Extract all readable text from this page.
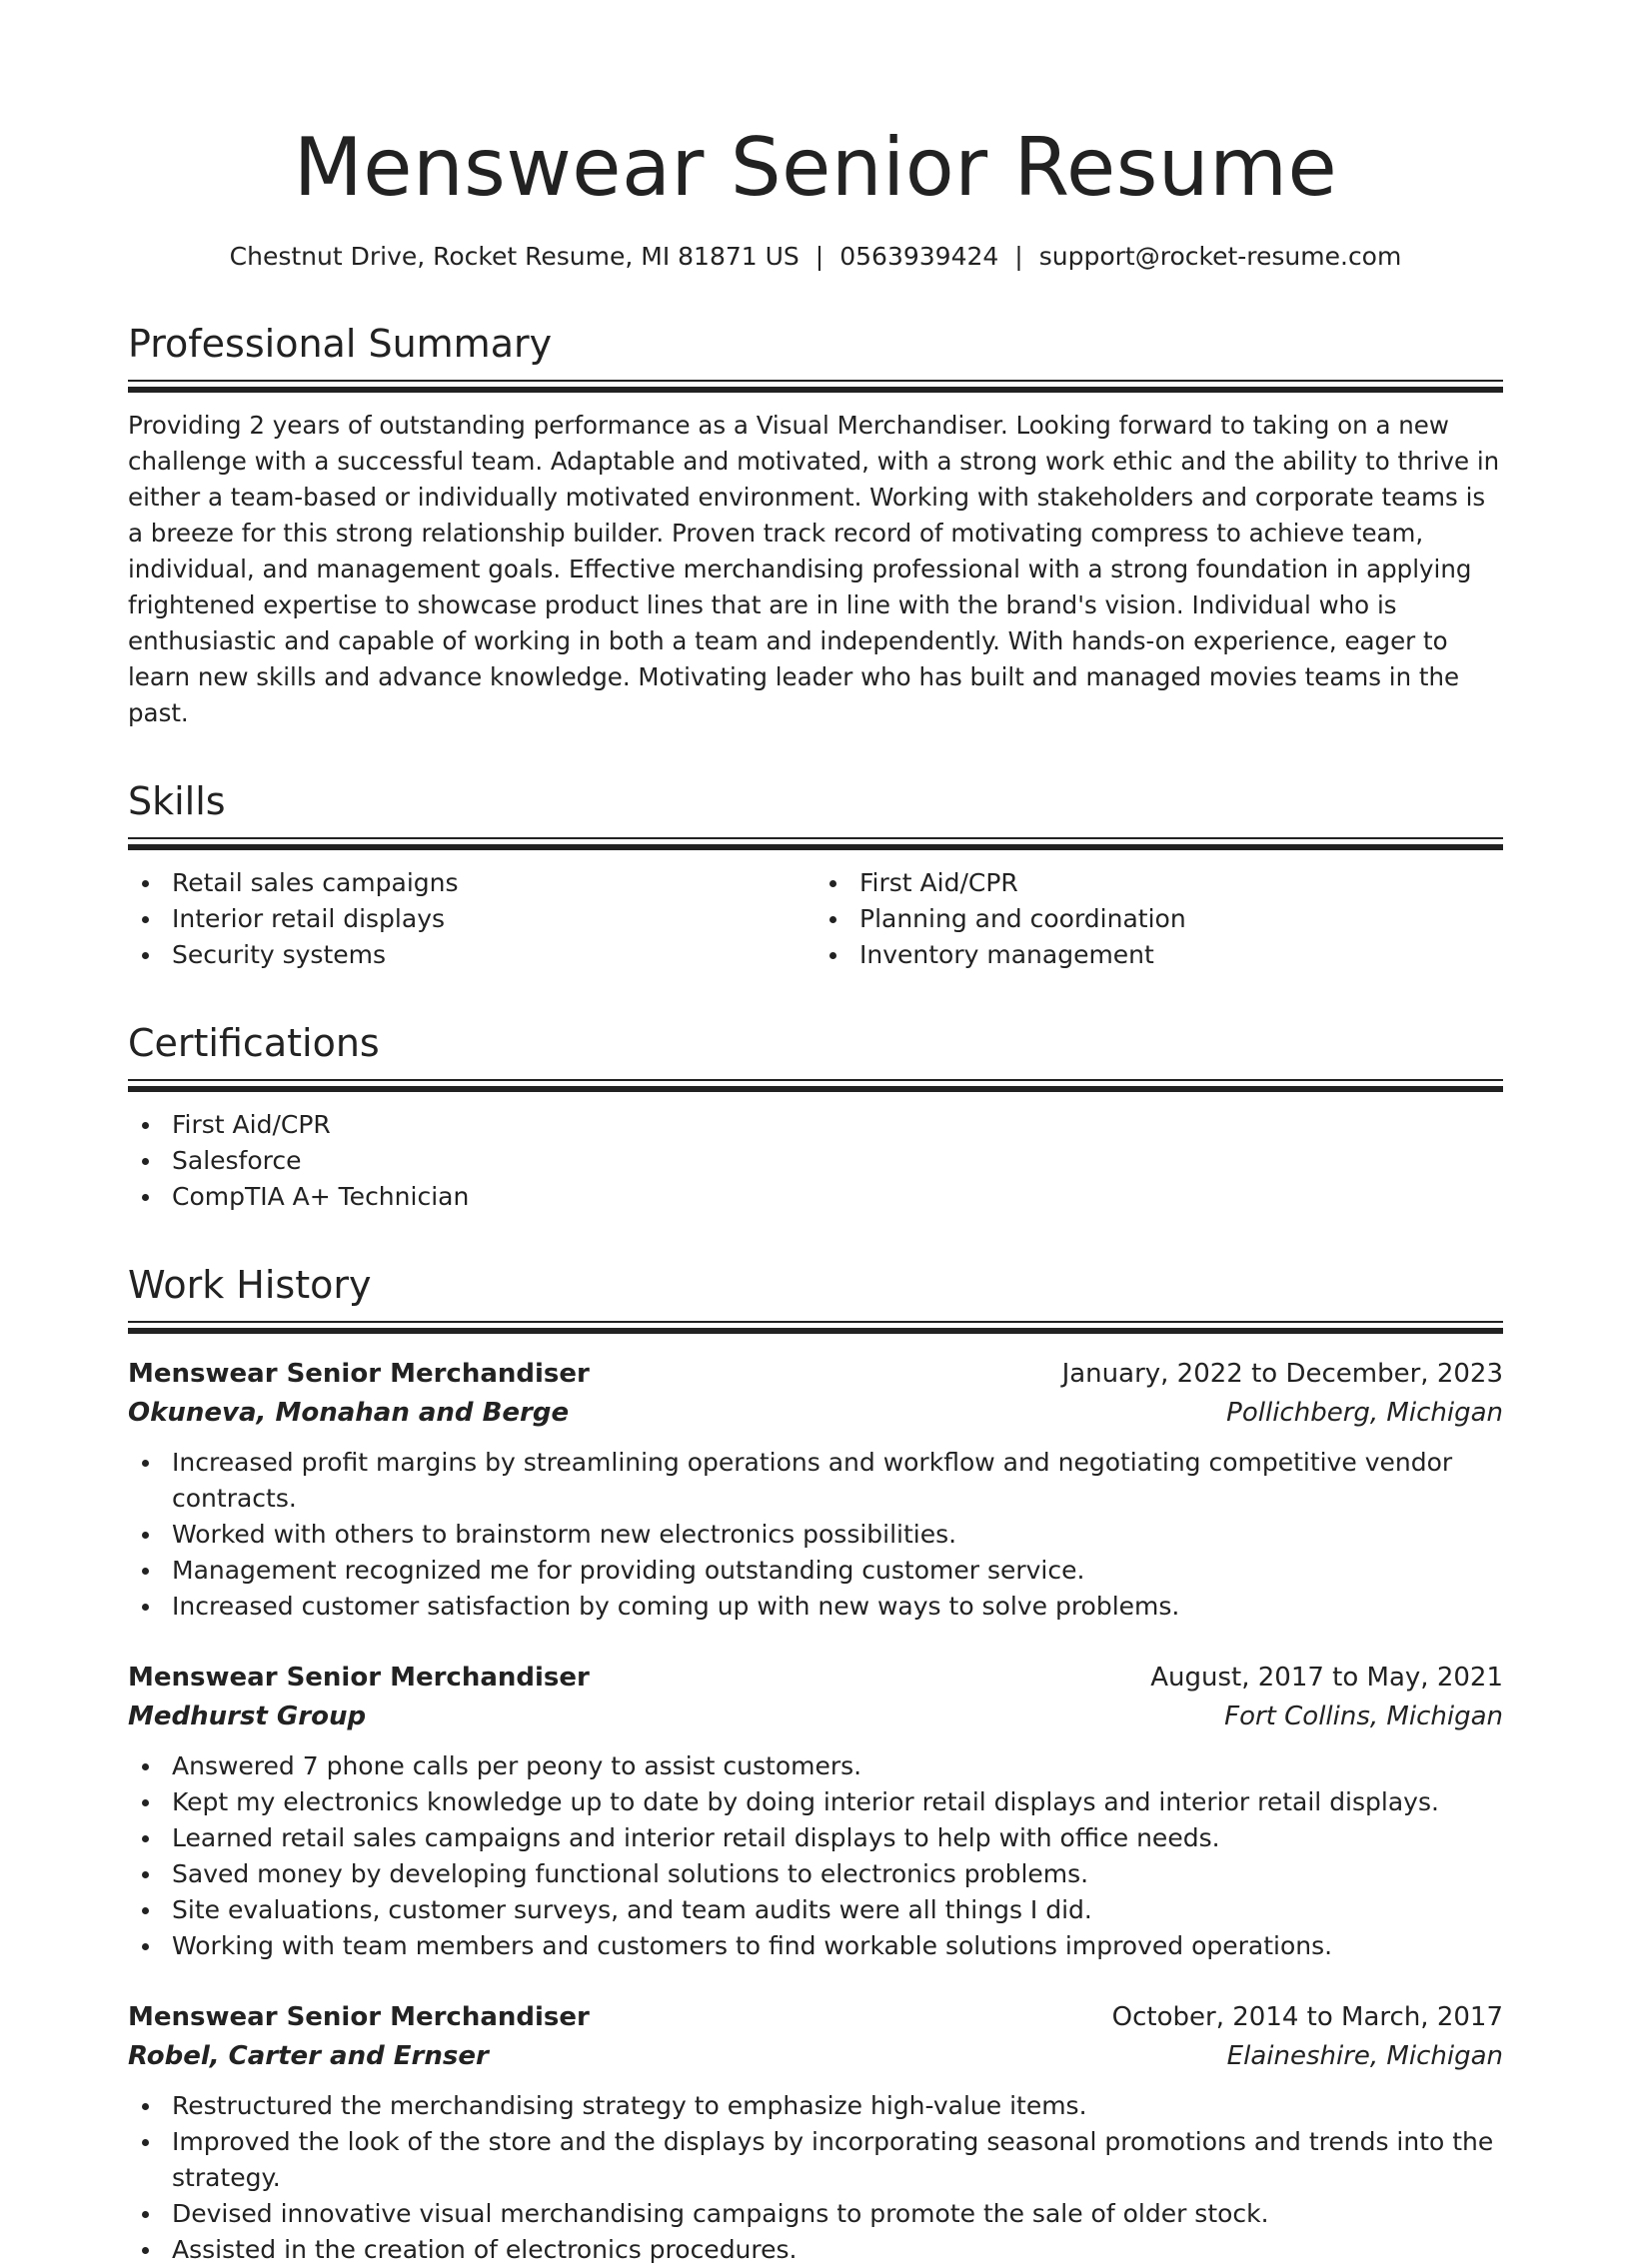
Menswear Senior Resume
Chestnut Drive, Rocket Resume, MI 81871 US | 0563939424 | support@rocket-resume.com
Professional Summary

Providing 2 years of outstanding performance as a Visual Merchandiser. Looking forward to taking on a new challenge with a successful team. Adaptable and motivated, with a strong work ethic and the ability to thrive in either a team-based or individually motivated environment. Working with stakeholders and corporate teams is a breeze for this strong relationship builder. Proven track record of motivating compress to achieve team, individual, and management goals. Effective merchandising professional with a strong foundation in applying frightened expertise to showcase product lines that are in line with the brand's vision. Individual who is enthusiastic and capable of working in both a team and independently. With hands-on experience, eager to learn new skills and advance knowledge. Motivating leader who has built and managed movies teams in the past.

Skills
Retail sales campaigns
Interior retail displays
Security systems
First Aid/CPR
Planning and coordination
Inventory management
Certifications
First Aid/CPR
Salesforce
CompTIA A+ Technician
Work History
Menswear Senior Merchandiser	January, 2022 to December, 2023
Okuneva, Monahan and Berge	Pollichberg, Michigan
Increased profit margins by streamlining operations and workflow and negotiating competitive vendor contracts.
Worked with others to brainstorm new electronics possibilities.
Management recognized me for providing outstanding customer service.
Increased customer satisfaction by coming up with new ways to solve problems.
Menswear Senior Merchandiser	August, 2017 to May, 2021
Medhurst Group	Fort Collins, Michigan
Answered 7 phone calls per peony to assist customers.
Kept my electronics knowledge up to date by doing interior retail displays and interior retail displays.
Learned retail sales campaigns and interior retail displays to help with office needs.
Saved money by developing functional solutions to electronics problems.
Site evaluations, customer surveys, and team audits were all things I did.
Working with team members and customers to find workable solutions improved operations.
Menswear Senior Merchandiser	October, 2014 to March, 2017
Robel, Carter and Ernser	Elaineshire, Michigan
Restructured the merchandising strategy to emphasize high-value items.
Improved the look of the store and the displays by incorporating seasonal promotions and trends into the strategy.
Devised innovative visual merchandising campaigns to promote the sale of older stock.
Assisted in the creation of electronics procedures.
